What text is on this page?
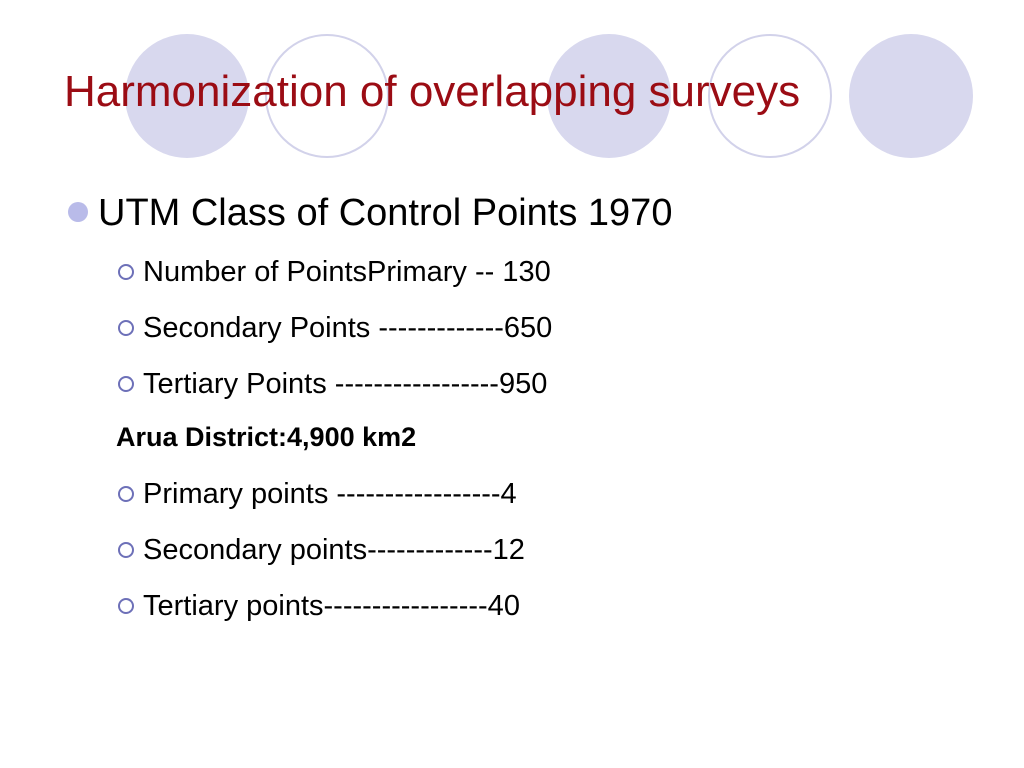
Harmonization of overlapping surveys
UTM Class of Control Points 1970
Number of PointsPrimary -- 130
Secondary Points -------------650
Tertiary Points -----------------950
Arua District:4,900 km2
Primary points -----------------4
Secondary points-------------12
Tertiary points-----------------40
